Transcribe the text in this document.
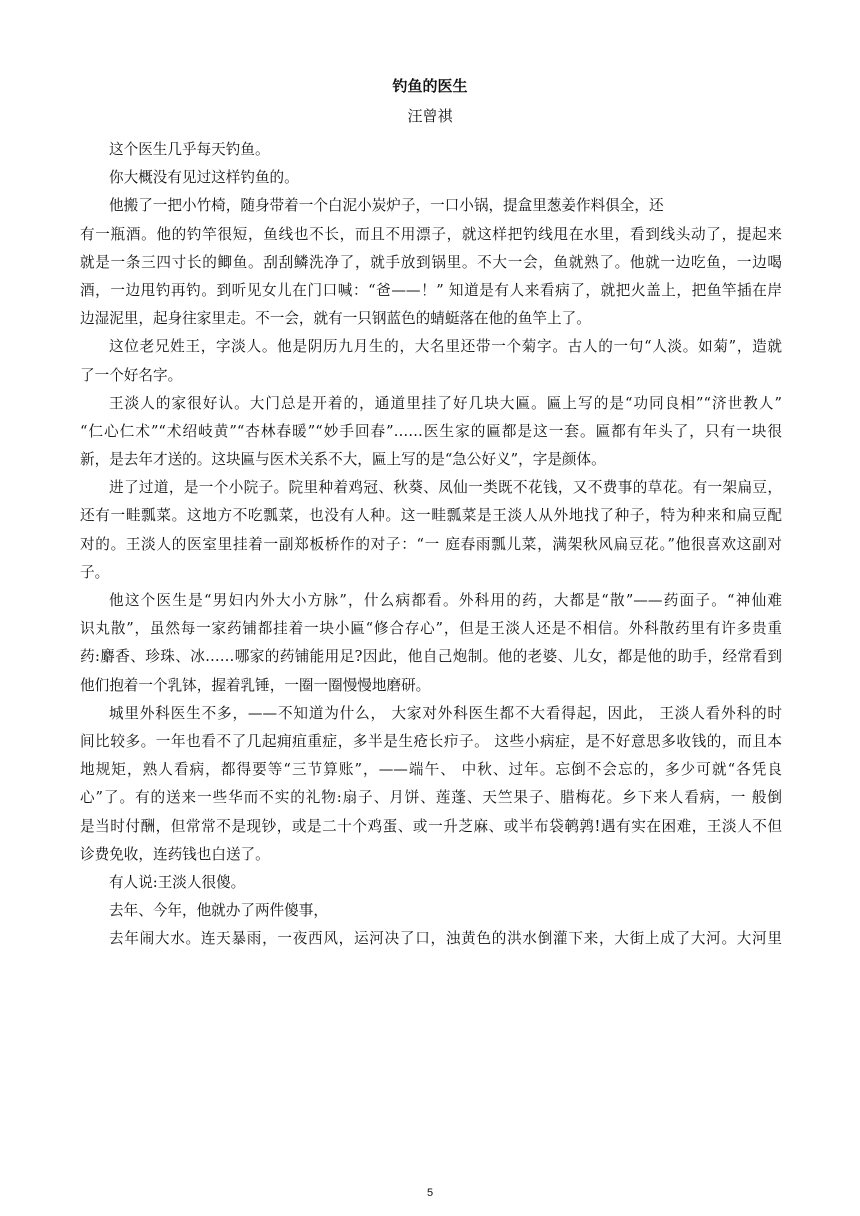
钓鱼的医生
汪曾祺
这个医生几乎每天钓鱼。
你大概没有见过这样钓鱼的。
他搬了一把小竹椅，随身带着一个白泥小炭炉子，一口小锅，提盒里葱姜作料俱全，还
有一瓶酒。他的钓竿很短，鱼线也不长，而且不用漂子，就这样把钓线甩在水里，看到线头动了，提起来
就是一条三四寸长的鲫鱼。刮刮鳞洗净了，就手放到锅里。不大一会，鱼就熟了。他就一边吃鱼，一边喝
酒，一边甩钓再钓。到听见女儿在门口喊：“爸——！” 知道是有人来看病了，就把火盖上，把鱼竿插在岸
边湿泥里，起身往家里走。不一会，就有一只钢蓝色的蜻蜓落在他的鱼竿上了。
这位老兄姓王，字淡人。他是阴历九月生的，大名里还带一个菊字。古人的一句“人淡。如菊”，造就
了一个好名字。
王淡人的家很好认。大门总是开着的，通道里挂了好几块大匾。匾上写的是“功同良相”“济世教人”
“仁心仁术”“术绍岐黄”“杏林春暖”“妙手回春”……医生家的匾都是这一套。匾都有年头了，只有一块很
新，是去年才送的。这块匾与医术关系不大，匾上写的是“急公好义”，字是颜体。
进了过道，是一个小院子。院里种着鸡冠、秋葵、凤仙一类既不花钱，又不费事的草花。有一架扁豆，
还有一畦瓢菜。这地方不吃瓢菜，也没有人种。这一畦瓢菜是王淡人从外地找了种子，特为种来和扁豆配
对的。王淡人的医室里挂着一副郑板桥作的对子：“一 庭春雨瓢儿菜，满架秋风扁豆花。”他很喜欢这副对
子。
他这个医生是“男妇内外大小方脉”，什么病都看。外科用的药，大都是“散”——药面子。“神仙难
识丸散”，虽然每一家药铺都挂着一块小匾“修合存心”，但是王淡人还是不相信。外科散药里有许多贵重
药:麝香、珍珠、冰……哪家的药铺能用足?因此，他自己炮制。他的老婆、儿女，都是他的助手，经常看到
他们抱着一个乳钵，握着乳锤，一圈一圈慢慢地磨研。
城里外科医生不多，——不知道为什么， 大家对外科医生都不大看得起，因此， 王淡人看外科的时
间比较多。一年也看不了几起痈疽重症，多半是生疮长疖子。 这些小病症，是不好意思多收钱的，而且本
地规矩，熟人看病，都得要等“三节算账”，——端午、 中秋、过年。忘倒不会忘的，多少可就“各凭良
心”了。有的送来一些华而不实的礼物:扇子、月饼、莲蓬、天竺果子、腊梅花。乡下来人看病，一 般倒
是当时付酬，但常常不是现钞，或是二十个鸡蛋、或一升芝麻、或半布袋鹌鹑!遇有实在困难，王淡人不但
诊费免收，连药钱也白送了。
有人说:王淡人很傻。
去年、今年，他就办了两件傻事，
去年闹大水。连天暴雨，一夜西风，运河决了口，浊黄色的洪水倒灌下来，大街上成了大河。大河里
5
